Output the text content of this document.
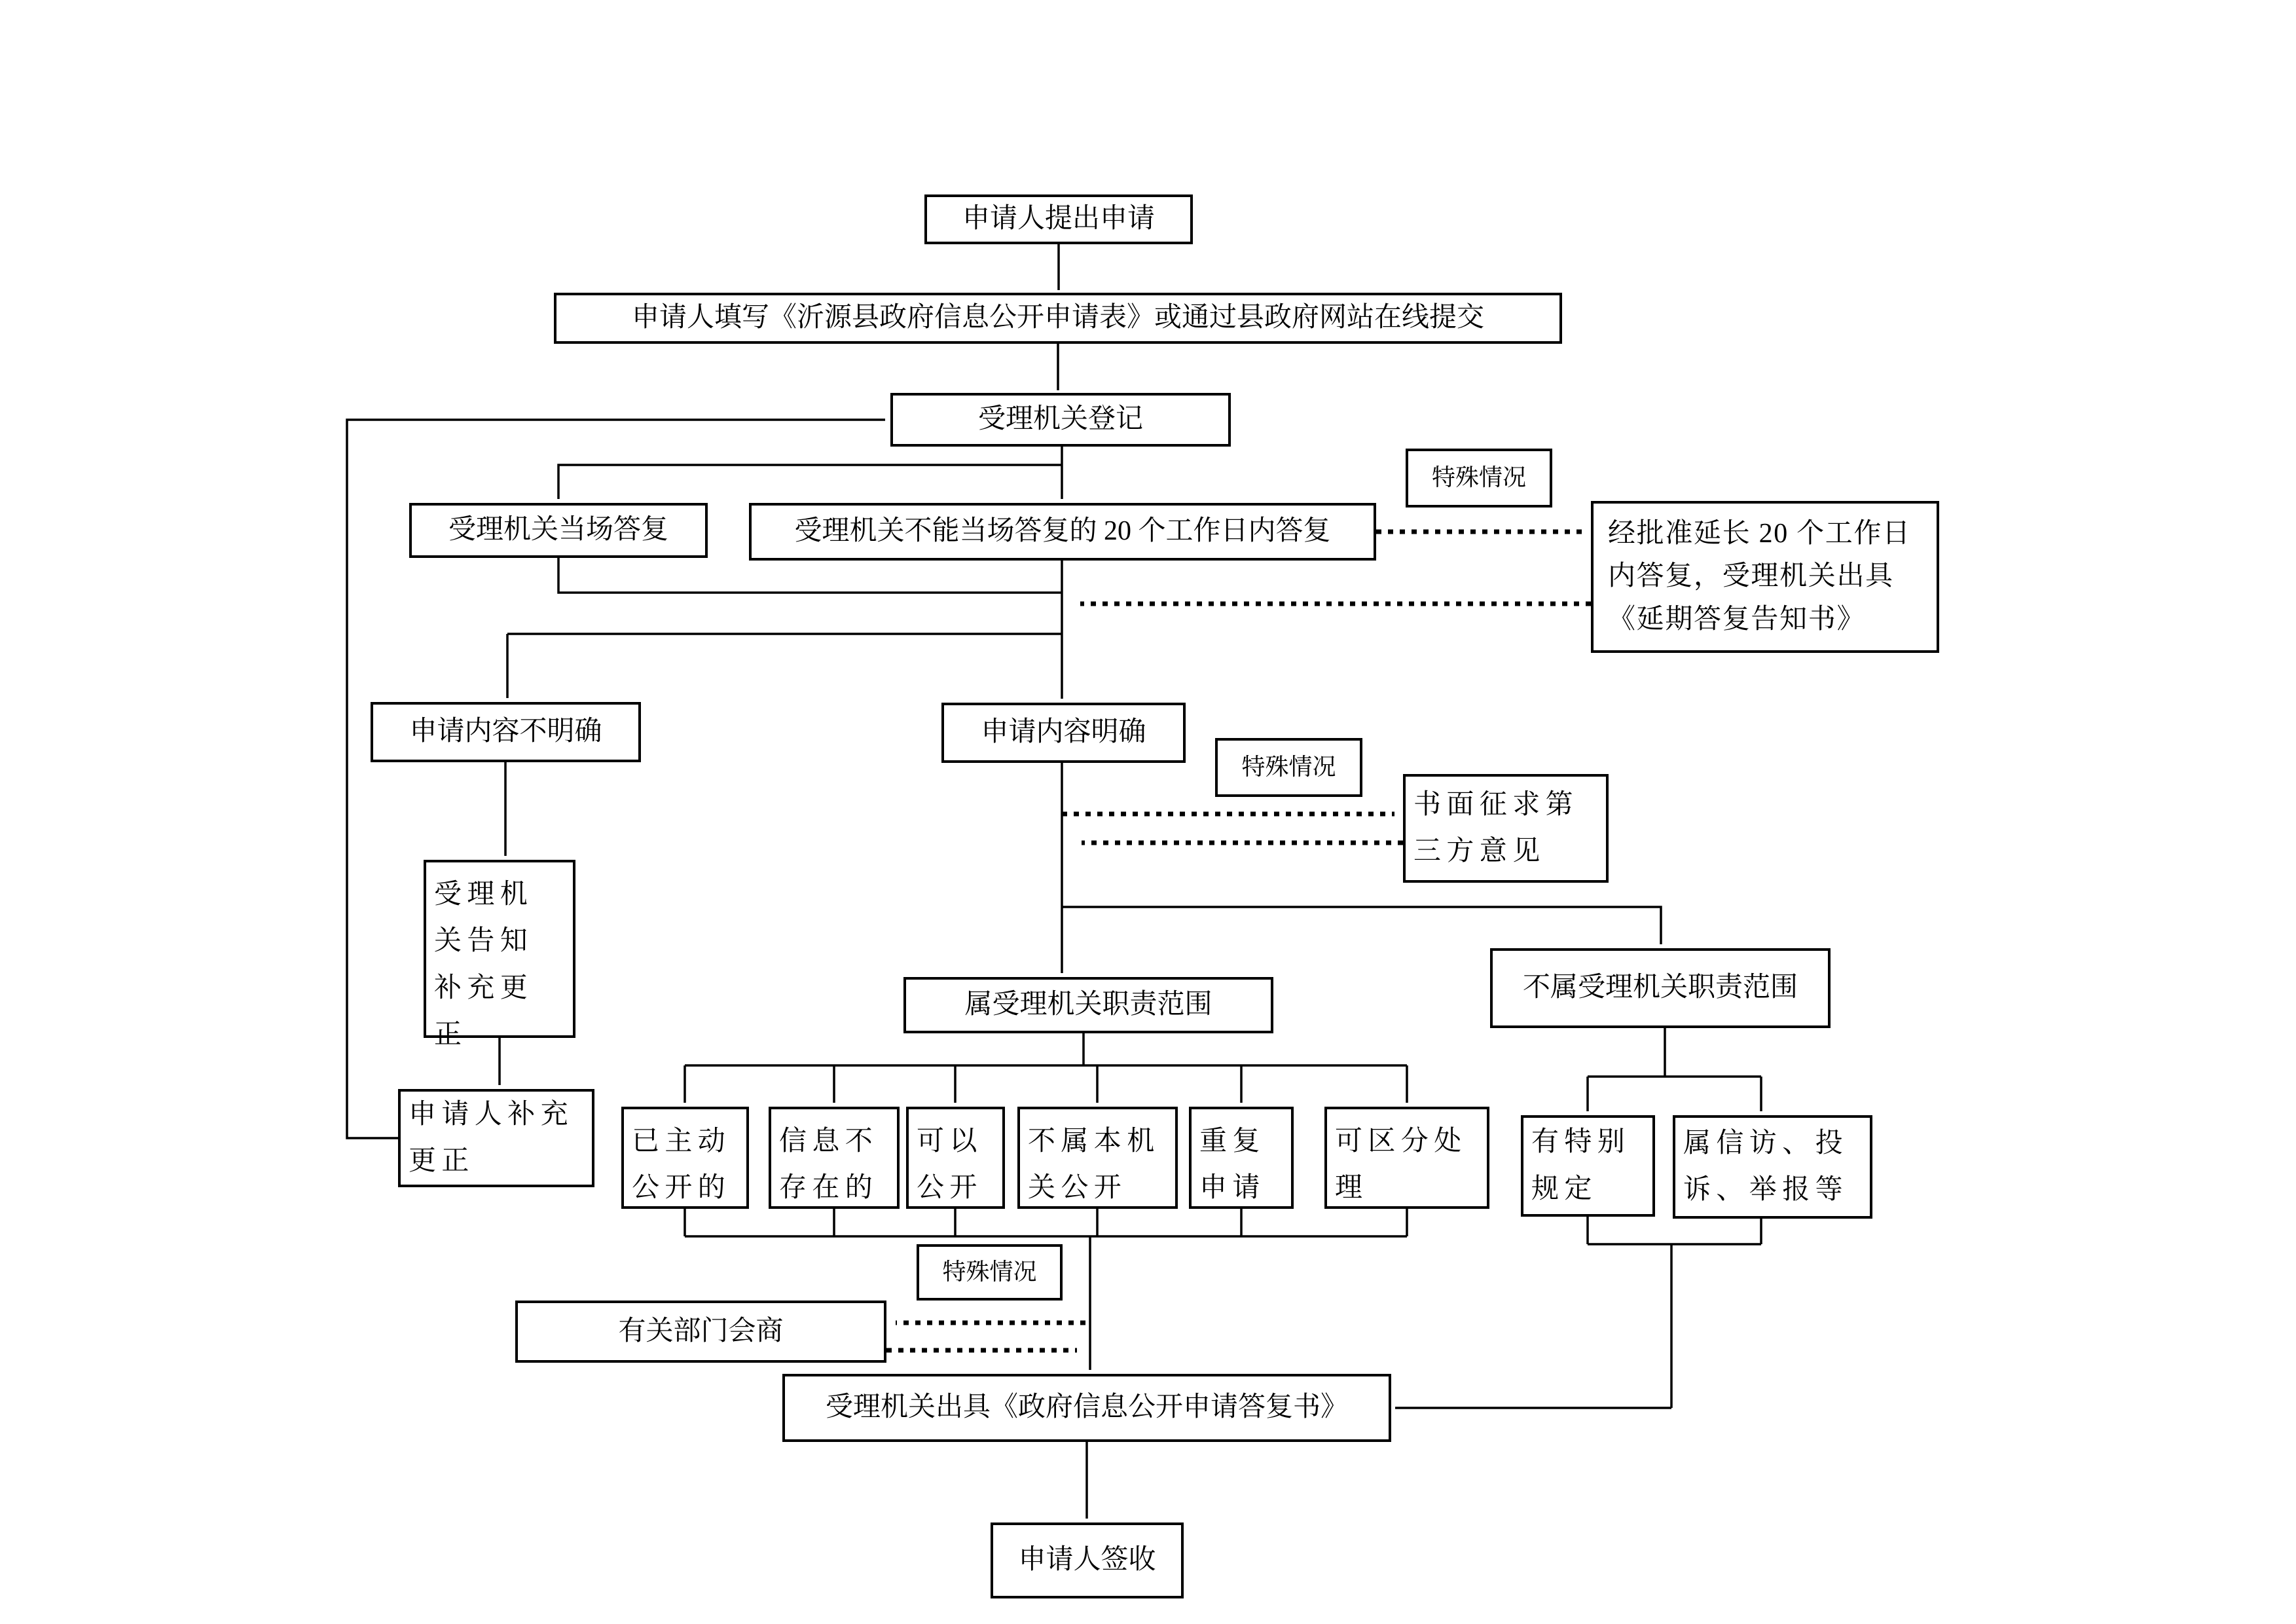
申请人提出申请
申请人填写《沂源县政府信息公开申请表》或通过县政府网站在线提交
受理机关登记
受理机关当场答复	受理机关不能当场答复的 20 个工作日内答复
特殊情况
经批准延长 20 个工作日内答复，受理机关出具《延期答复告知书》
申请内容不明确	申请内容明确
特殊情况
书面征求第三方意见
受理机关告知补充更正
申请人补充更正
属受理机关职责范围
不属受理机关职责范围
已主动公开的
信息不存在的
可以公开
不属本机关公开
重复申请
可区分处理
有特别规定
属信访、投诉、举报等
特殊情况
有关部门会商
受理机关出具《政府信息公开申请答复书》
申请人签收
